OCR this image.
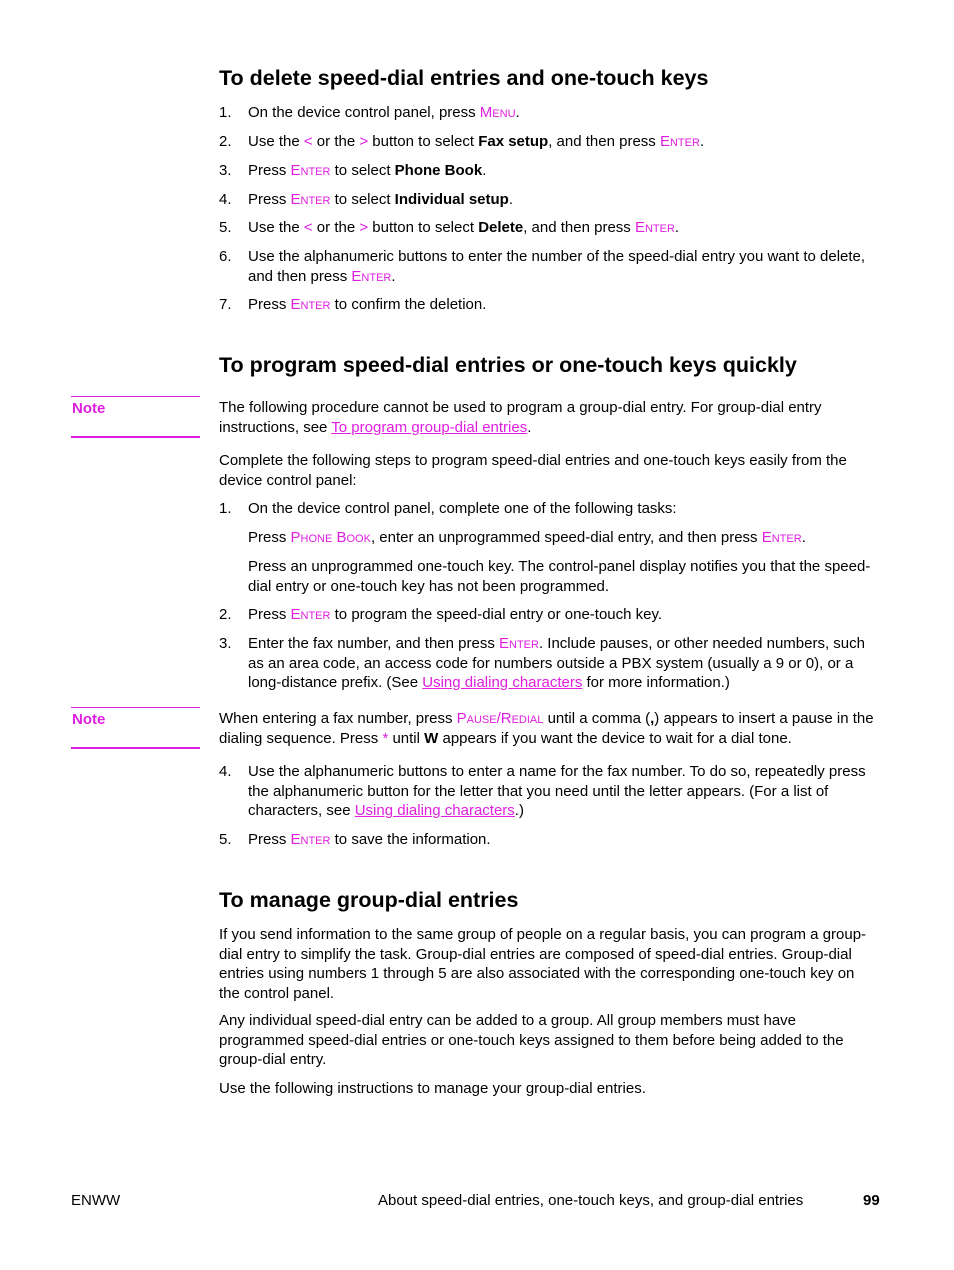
To delete speed-dial entries and one-touch keys
1. On the device control panel, press Menu.
2. Use the < or the > button to select Fax setup, and then press Enter.
3. Press Enter to select Phone Book.
4. Press Enter to select Individual setup.
5. Use the < or the > button to select Delete, and then press Enter.
6. Use the alphanumeric buttons to enter the number of the speed-dial entry you want to delete, and then press Enter.
7. Press Enter to confirm the deletion.
To program speed-dial entries or one-touch keys quickly
Note	The following procedure cannot be used to program a group-dial entry. For group-dial entry instructions, see To program group-dial entries.
Complete the following steps to program speed-dial entries and one-touch keys easily from the device control panel:
1. On the device control panel, complete one of the following tasks:
Press Phone Book, enter an unprogrammed speed-dial entry, and then press Enter.
Press an unprogrammed one-touch key. The control-panel display notifies you that the speed-dial entry or one-touch key has not been programmed.
2. Press Enter to program the speed-dial entry or one-touch key.
3. Enter the fax number, and then press Enter. Include pauses, or other needed numbers, such as an area code, an access code for numbers outside a PBX system (usually a 9 or 0), or a long-distance prefix. (See Using dialing characters for more information.)
Note	When entering a fax number, press Pause/Redial until a comma (,) appears to insert a pause in the dialing sequence. Press * until W appears if you want the device to wait for a dial tone.
4. Use the alphanumeric buttons to enter a name for the fax number. To do so, repeatedly press the alphanumeric button for the letter that you need until the letter appears. (For a list of characters, see Using dialing characters.)
5. Press Enter to save the information.
To manage group-dial entries
If you send information to the same group of people on a regular basis, you can program a group-dial entry to simplify the task. Group-dial entries are composed of speed-dial entries. Group-dial entries using numbers 1 through 5 are also associated with the corresponding one-touch key on the control panel.
Any individual speed-dial entry can be added to a group. All group members must have programmed speed-dial entries or one-touch keys assigned to them before being added to the group-dial entry.
Use the following instructions to manage your group-dial entries.
ENWW	About speed-dial entries, one-touch keys, and group-dial entries	99
